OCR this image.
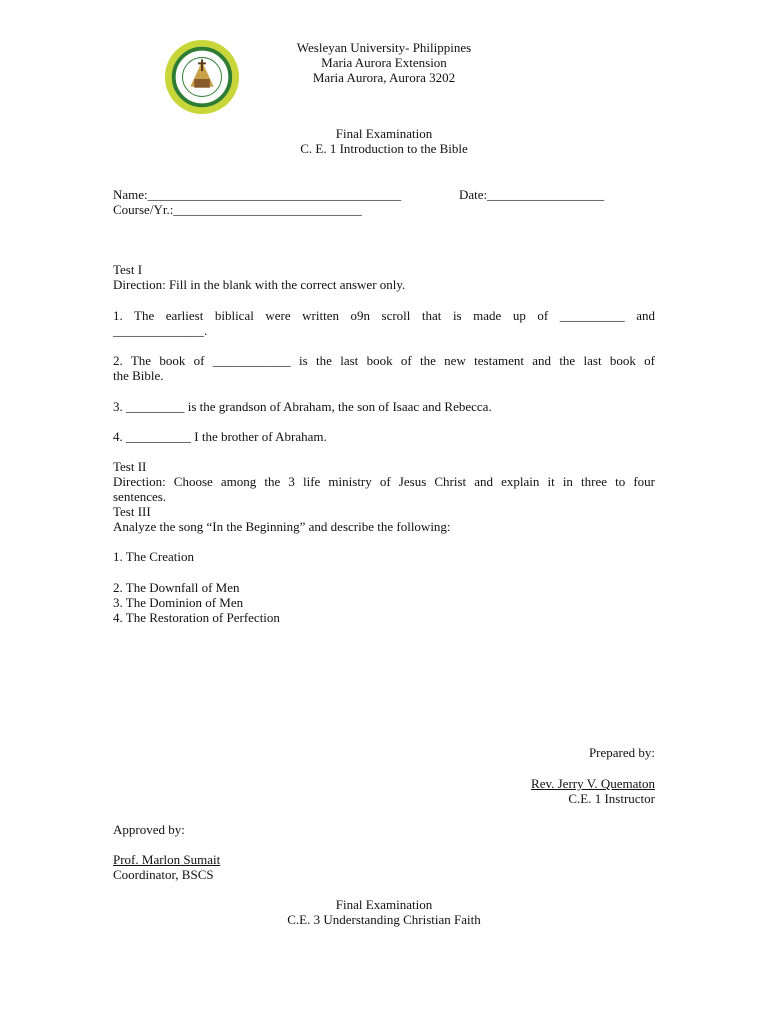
Wesleyan University- Philippines
Maria Aurora Extension
Maria Aurora, Aurora 3202
Final Examination
C. E. 1 Introduction to the Bible
Name:_______________________________________	Date:__________________
Course/Yr.:_____________________________
Test I
Direction: Fill in the blank with the correct answer only.
1. The earliest biblical were written o9n scroll that is made up of __________ and
______________.
2. The book of ____________ is the last book of the new testament and the last book of
the Bible.
3. _________ is the grandson of Abraham, the son of Isaac and Rebecca.
4. __________ I the brother of Abraham.
Test II
Direction: Choose among the 3 life ministry of Jesus Christ and explain it in three to four
sentences.
Test III
Analyze the song “In the Beginning” and describe the following:
1. The Creation
2. The Downfall of Men
3. The Dominion of Men
4. The Restoration of Perfection
Prepared by:
Rev. Jerry V. Quematon
C.E. 1 Instructor
Approved by:
Prof. Marlon Sumait
Coordinator, BSCS
Final Examination
C.E. 3 Understanding Christian Faith
